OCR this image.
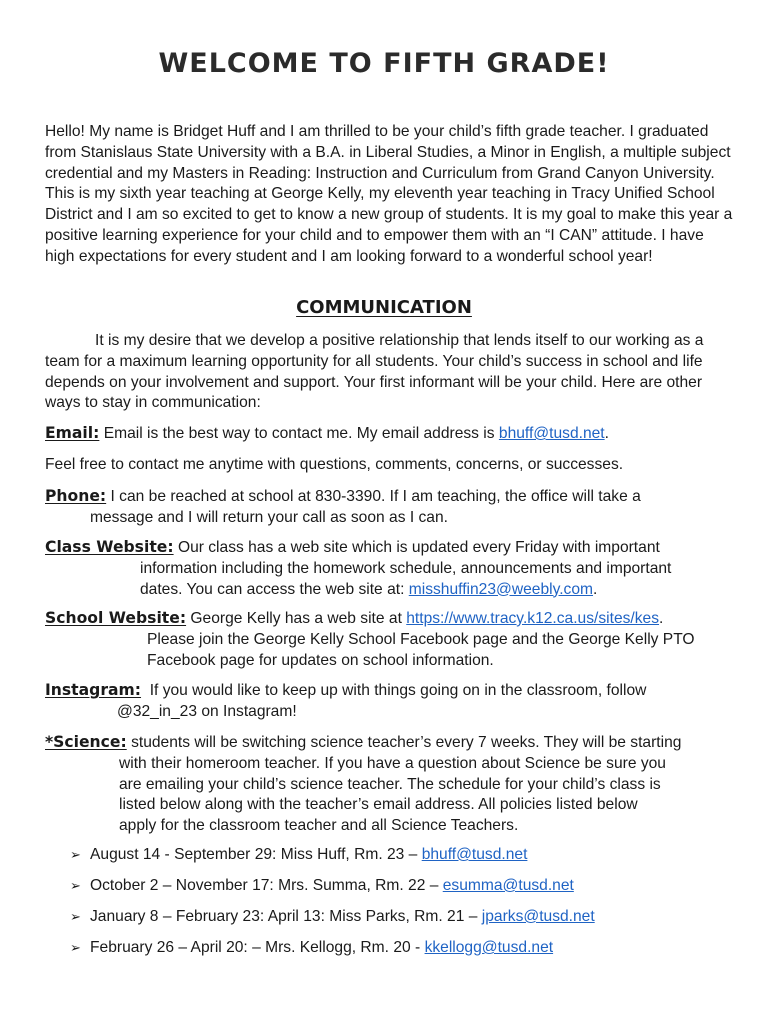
WELCOME TO FIFTH GRADE!

Hello! My name is Bridget Huff and I am thrilled to be your child’s fifth grade teacher. I graduated from Stanislaus State University with a B.A. in Liberal Studies, a Minor in English, a multiple subject credential and my Masters in Reading: Instruction and Curriculum from Grand Canyon University. This is my sixth year teaching at George Kelly, my eleventh year teaching in Tracy Unified School District and I am so excited to get to know a new group of students. It is my goal to make this year a positive learning experience for your child and to empower them with an “I CAN” attitude. I have high expectations for every student and I am looking forward to a wonderful school year!

COMMUNICATION

It is my desire that we develop a positive relationship that lends itself to our working as a team for a maximum learning opportunity for all students. Your child’s success in school and life depends on your involvement and support. Your first informant will be your child. Here are other ways to stay in communication:

Email: Email is the best way to contact me. My email address is bhuff@tusd.net.

Feel free to contact me anytime with questions, comments, concerns, or successes.

Phone: I can be reached at school at 830-3390. If I am teaching, the office will take a
message and I will return your call as soon as I can.

Class Website: Our class has a web site which is updated every Friday with important
information including the homework schedule, announcements and important
dates. You can access the web site at: misshuffin23@weebly.com.

School Website: George Kelly has a web site at https://www.tracy.k12.ca.us/sites/kes.
Please join the George Kelly School Facebook page and the George Kelly PTO
Facebook page for updates on school information.

Instagram: If you would like to keep up with things going on in the classroom, follow
@32_in_23 on Instagram!

*Science: students will be switching science teacher’s every 7 weeks. They will be starting
with their homeroom teacher. If you have a question about Science be sure you
are emailing your child’s science teacher. The schedule for your child’s class is
listed below along with the teacher’s email address. All policies listed below
apply for the classroom teacher and all Science Teachers.

➢ August 14 - September 29: Miss Huff, Rm. 23 – bhuff@tusd.net
➢ October 2 – November 17: Mrs. Summa, Rm. 22 – esumma@tusd.net
➢ January 8 – February 23: April 13: Miss Parks, Rm. 21 – jparks@tusd.net
➢ February 26 – April 20: – Mrs. Kellogg, Rm. 20 - kkellogg@tusd.net
